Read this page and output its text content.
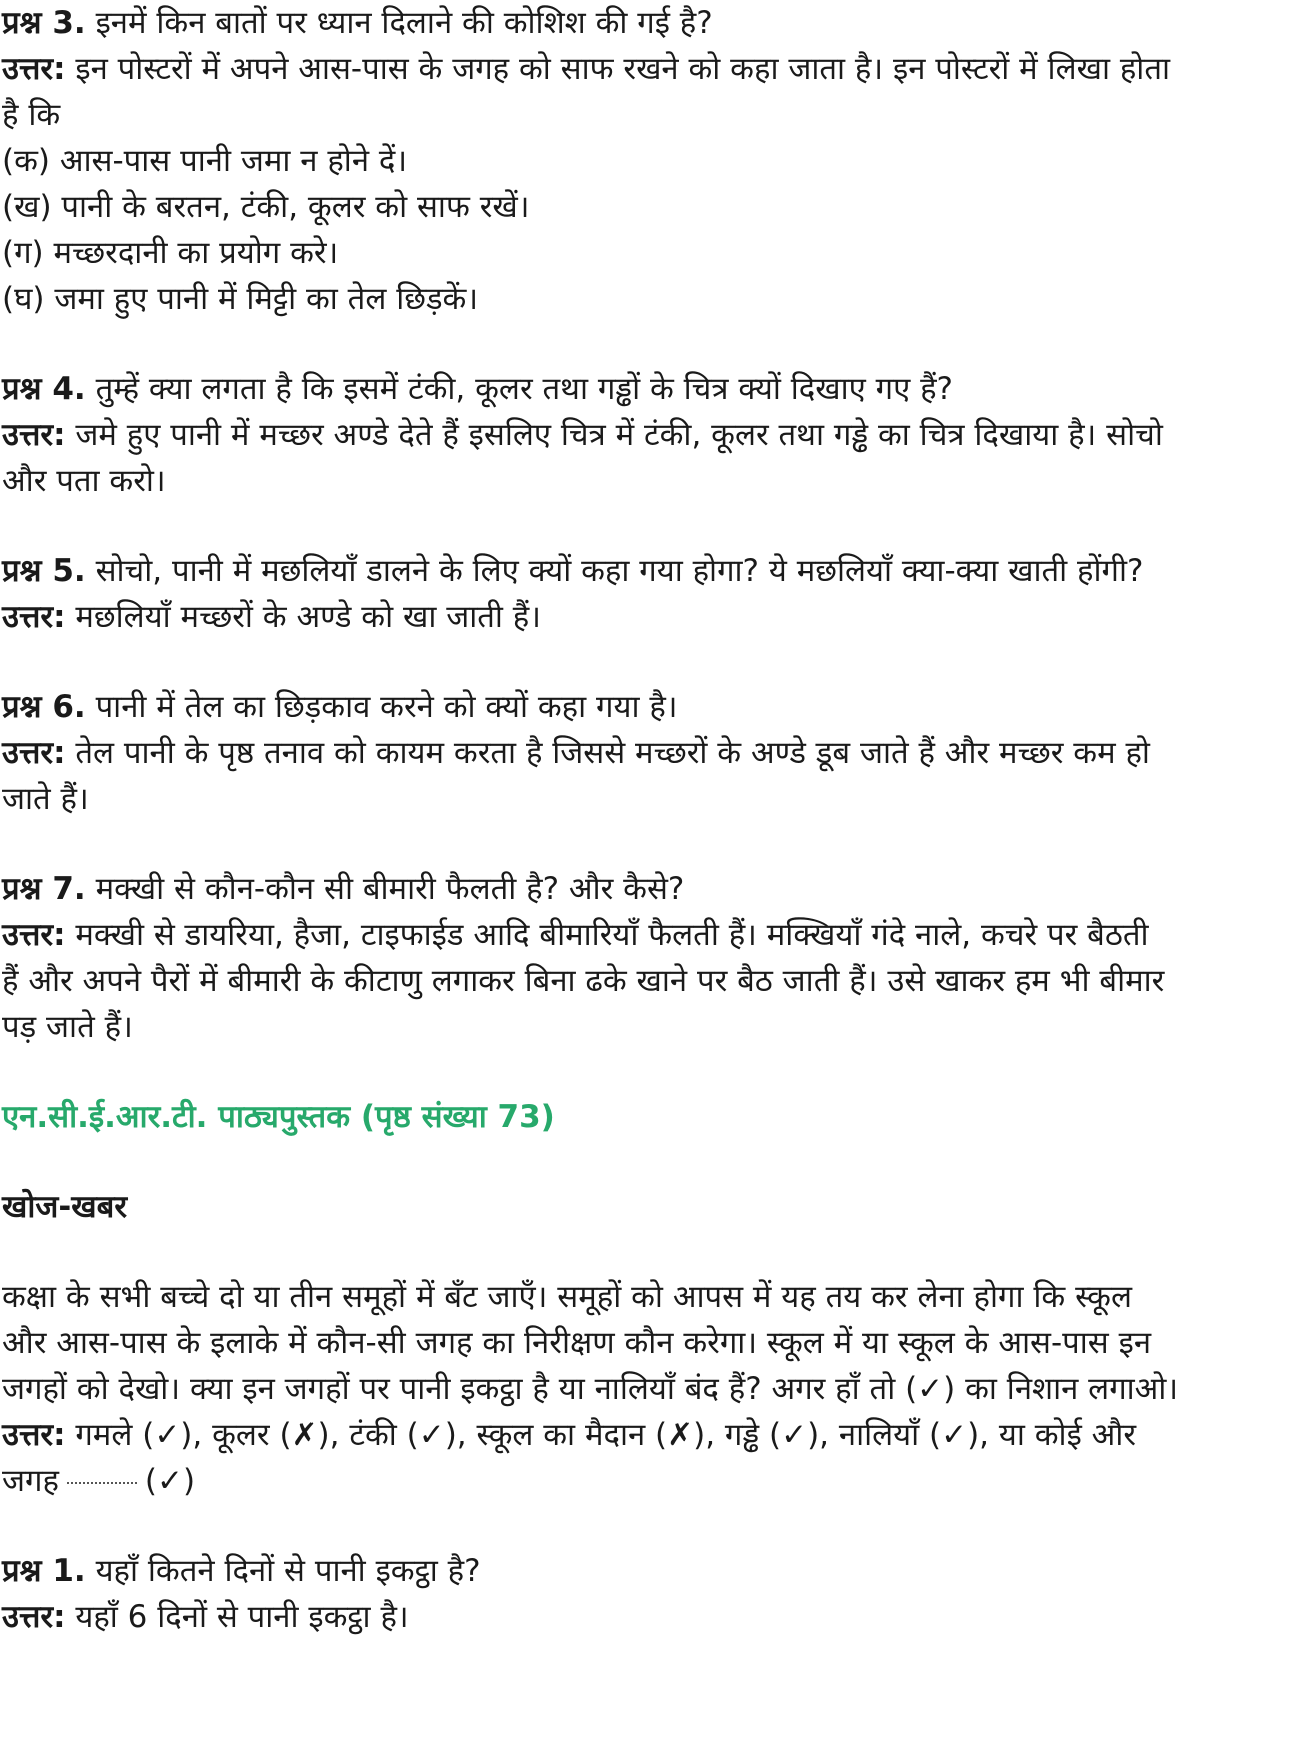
प्रश्न 3. इनमें किन बातों पर ध्यान दिलाने की कोशिश की गई है?

उत्तर: इन पोस्टरों में अपने आस-पास के जगह को साफ रखने को कहा जाता है। इन पोस्टरों में लिखा होता

है कि

(क) आस-पास पानी जमा न होने दें।

(ख) पानी के बरतन, टंकी, कूलर को साफ रखें।

(ग) मच्छरदानी का प्रयोग करे।

(घ) जमा हुए पानी में मिट्टी का तेल छिड़कें।

प्रश्न 4. तुम्हें क्या लगता है कि इसमें टंकी, कूलर तथा गड्ढों के चित्र क्यों दिखाए गए हैं?

उत्तर: जमे हुए पानी में मच्छर अण्डे देते हैं इसलिए चित्र में टंकी, कूलर तथा गड्ढे का चित्र दिखाया है। सोचो

और पता करो।

प्रश्न 5. सोचो, पानी में मछलियाँ डालने के लिए क्यों कहा गया होगा? ये मछलियाँ क्या-क्या खाती होंगी?

उत्तर: मछलियाँ मच्छरों के अण्डे को खा जाती हैं।

प्रश्न 6. पानी में तेल का छिड़काव करने को क्यों कहा गया है।

उत्तर: तेल पानी के पृष्ठ तनाव को कायम करता है जिससे मच्छरों के अण्डे डूब जाते हैं और मच्छर कम हो

जाते हैं।

प्रश्न 7. मक्खी से कौन-कौन सी बीमारी फैलती है? और कैसे?

उत्तर: मक्खी से डायरिया, हैजा, टाइफाईड आदि बीमारियाँ फैलती हैं। मक्खियाँ गंदे नाले, कचरे पर बैठती

हैं और अपने पैरों में बीमारी के कीटाणु लगाकर बिना ढके खाने पर बैठ जाती हैं। उसे खाकर हम भी बीमार

पड़ जाते हैं।

एन.सी.ई.आर.टी. पाठ्यपुस्तक (पृष्ठ संख्या 73)

खोज-खबर

कक्षा के सभी बच्चे दो या तीन समूहों में बँट जाएँ। समूहों को आपस में यह तय कर लेना होगा कि स्कूल

और आस-पास के इलाके में कौन-सी जगह का निरीक्षण कौन करेगा। स्कूल में या स्कूल के आस-पास इन

जगहों को देखो। क्या इन जगहों पर पानी इकट्ठा है या नालियाँ बंद हैं? अगर हाँ तो (✓) का निशान लगाओ।

उत्तर: गमले (✓), कूलर (✗), टंकी (✓), स्कूल का मैदान (✗), गड्ढे (✓), नालियाँ (✓), या कोई और

जगह	(✓)

प्रश्न 1. यहाँ कितने दिनों से पानी इकट्ठा है?

उत्तर: यहाँ 6 दिनों से पानी इकट्ठा है।
